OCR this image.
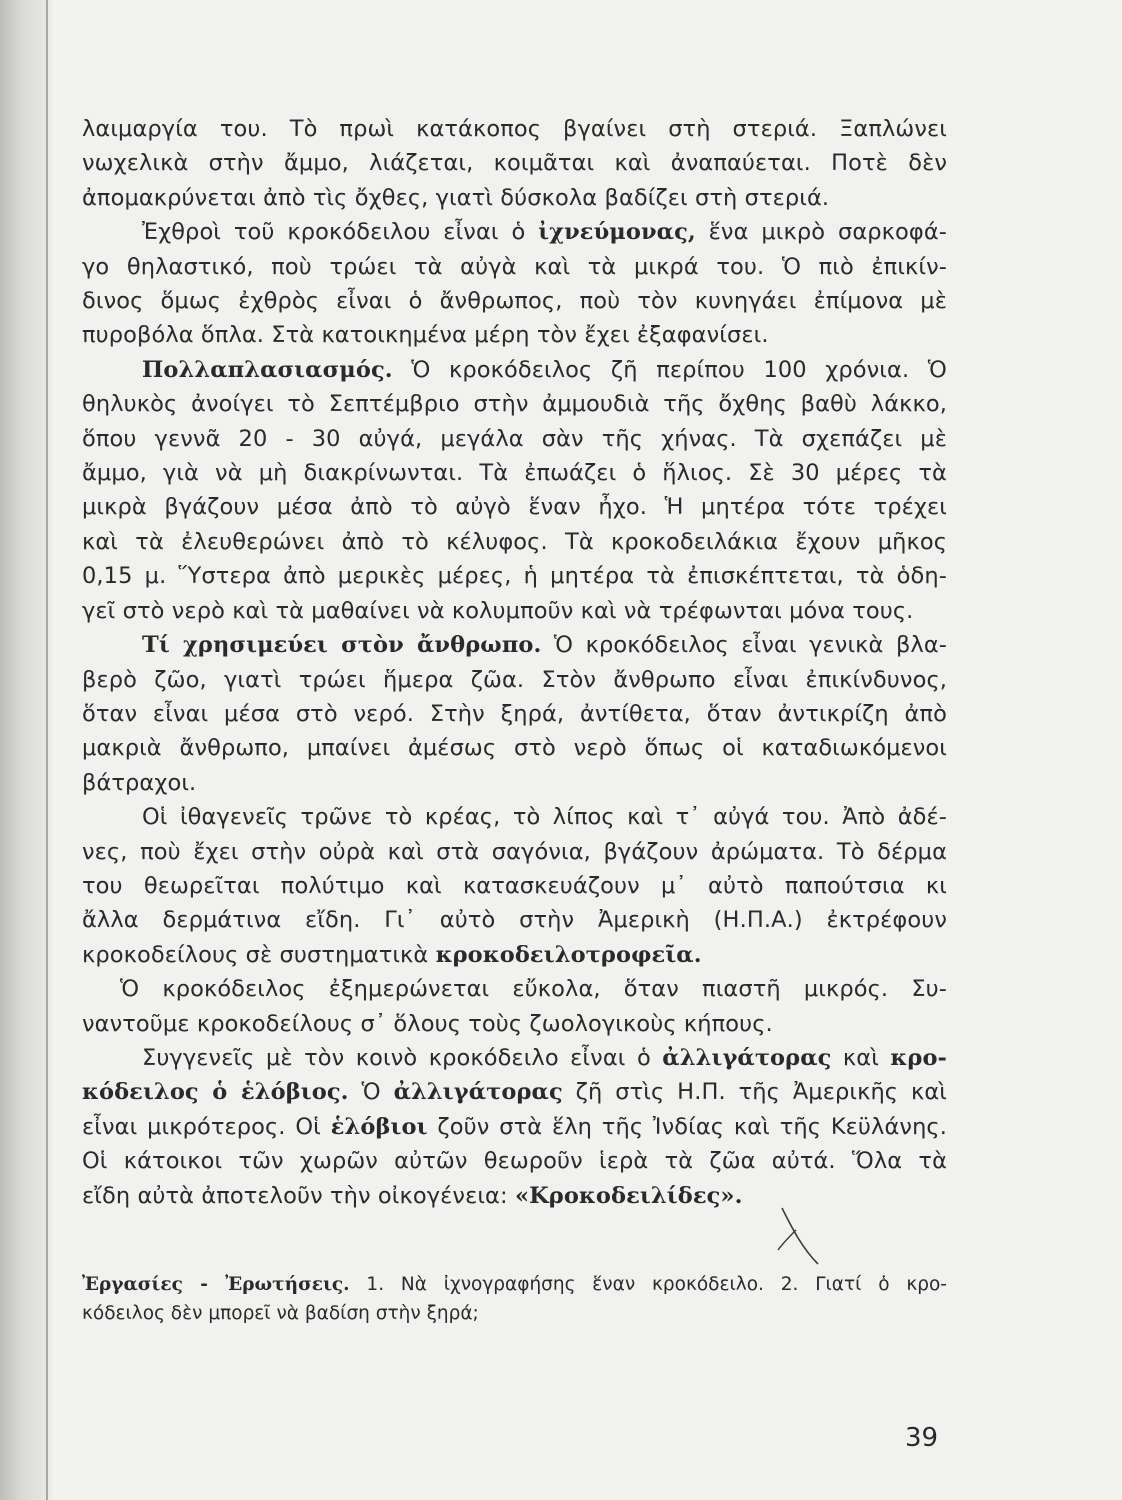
λαιμαργία του. Τὸ πρωὶ κατάκοπος βγαίνει στὴ στεριά. Ξαπλώνει
νωχελικὰ στὴν ἄμμο, λιάζεται, κοιμᾶται καὶ ἀναπαύεται. Ποτὲ δὲν
ἀπομακρύνεται ἀπὸ τὶς ὄχθες, γιατὶ δύσκολα βαδίζει στὴ στεριά.
Ἐχθροὶ τοῦ κροκόδειλου εἶναι ὁ ἰχνεύμονας, ἕνα μικρὸ σαρκοφά-
γο θηλαστικό, ποὺ τρώει τὰ αὐγὰ καὶ τὰ μικρά του. Ὁ πιὸ ἐπικίν-
δινος ὅμως ἐχθρὸς εἶναι ὁ ἄνθρωπος, ποὺ τὸν κυνηγάει ἐπίμονα μὲ
πυροβόλα ὅπλα. Στὰ κατοικημένα μέρη τὸν ἔχει ἐξαφανίσει.
Πολλαπλασιασμός. Ὁ κροκόδειλος ζῆ περίπου 100 χρόνια. Ὁ
θηλυκὸς ἀνοίγει τὸ Σεπτέμβριο στὴν ἀμμουδιὰ τῆς ὄχθης βαθὺ λάκκο,
ὅπου γεννᾶ 20 - 30 αὐγά, μεγάλα σὰν τῆς χήνας. Τὰ σχεπάζει μὲ
ἄμμο, γιὰ νὰ μὴ διακρίνωνται. Τὰ ἐπωάζει ὁ ἥλιος. Σὲ 30 μέρες τὰ
μικρὰ βγάζουν μέσα ἀπὸ τὸ αὐγὸ ἕναν ἦχο. Ἡ μητέρα τότε τρέχει
καὶ τὰ ἐλευθερώνει ἀπὸ τὸ κέλυφος. Τὰ κροκοδειλάκια ἔχουν μῆκος
0,15 μ. Ὕστερα ἀπὸ μερικὲς μέρες, ἡ μητέρα τὰ ἐπισκέπτεται, τὰ ὁδη-
γεῖ στὸ νερὸ καὶ τὰ μαθαίνει νὰ κολυμποῦν καὶ νὰ τρέφωνται μόνα τους.
Τί χρησιμεύει στὸν ἄνθρωπο. Ὁ κροκόδειλος εἶναι γενικὰ βλα-
βερὸ ζῶο, γιατὶ τρώει ἥμερα ζῶα. Στὸν ἄνθρωπο εἶναι ἐπικίνδυνος,
ὅταν εἶναι μέσα στὸ νερό. Στὴν ξηρά, ἀντίθετα, ὅταν ἀντικρίζη ἀπὸ
μακριὰ ἄνθρωπο, μπαίνει ἀμέσως στὸ νερὸ ὅπως οἱ καταδιωκόμενοι
βάτραχοι.
Οἱ ἰθαγενεῖς τρῶνε τὸ κρέας, τὸ λίπος καὶ τ᾽ αὐγά του. Ἀπὸ ἀδέ-
νες, ποὺ ἔχει στὴν οὐρὰ καὶ στὰ σαγόνια, βγάζουν ἀρώματα. Τὸ δέρμα
του θεωρεῖται πολύτιμο καὶ κατασκευάζουν μ᾽ αὐτὸ παπούτσια κι
ἄλλα δερμάτινα εἴδη. Γι᾽ αὐτὸ στὴν Ἀμερικὴ (Η.Π.Α.) ἐκτρέφουν
κροκοδείλους σὲ συστηματικὰ κροκοδειλοτροφεῖα.
Ὁ κροκόδειλος ἐξημερώνεται εὔκολα, ὅταν πιαστῆ μικρός. Συ-
ναντοῦμε κροκοδείλους σ᾽ ὅλους τοὺς ζωολογικοὺς κήπους.
Συγγενεῖς μὲ τὸν κοινὸ κροκόδειλο εἶναι ὁ ἀλλιγάτορας καὶ κρο-
κόδειλος ὁ ἑλόβιος. Ὁ ἀλλιγάτορας ζῆ στὶς Η.Π. τῆς Ἀμερικῆς καὶ
εἶναι μικρότερος. Οἱ ἑλόβιοι ζοῦν στὰ ἕλη τῆς Ἰνδίας καὶ τῆς Κεϋλάνης.
Οἱ κάτοικοι τῶν χωρῶν αὐτῶν θεωροῦν ἱερὰ τὰ ζῶα αὐτά. Ὅλα τὰ
εἴδη αὐτὰ ἀποτελοῦν τὴν οἰκογένεια: «Κροκοδειλίδες».
Ἐργασίες - Ἐρωτήσεις. 1. Νὰ ἰχνογραφήσης ἕναν κροκόδειλο. 2. Γιατί ὁ κρο-
κόδειλος δὲν μπορεῖ νὰ βαδίση στὴν ξηρά;
39
